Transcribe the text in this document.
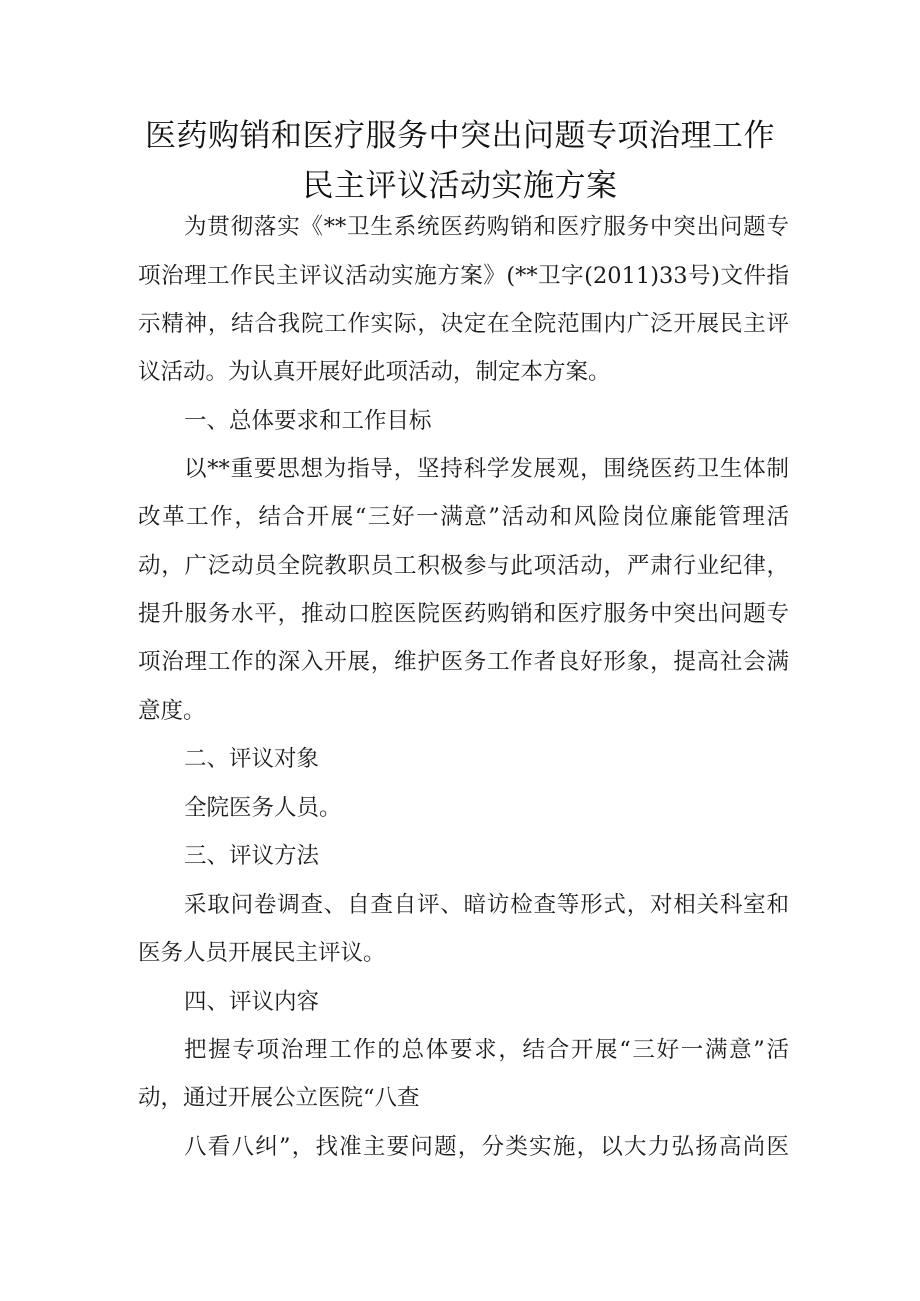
医药购销和医疗服务中突出问题专项治理工作
民主评议活动实施方案
为贯彻落实《**卫生系统医药购销和医疗服务中突出问题专
项治理工作民主评议活动实施方案》(**卫字(2011)33号)文件指
示精神，结合我院工作实际，决定在全院范围内广泛开展民主评
议活动。为认真开展好此项活动，制定本方案。
一、总体要求和工作目标
以**重要思想为指导，坚持科学发展观，围绕医药卫生体制
改革工作，结合开展“三好一满意”活动和风险岗位廉能管理活
动，广泛动员全院教职员工积极参与此项活动，严肃行业纪律，
提升服务水平，推动口腔医院医药购销和医疗服务中突出问题专
项治理工作的深入开展，维护医务工作者良好形象，提高社会满
意度。
二、评议对象
全院医务人员。
三、评议方法
采取问卷调查、自查自评、暗访检查等形式，对相关科室和
医务人员开展民主评议。
四、评议内容
把握专项治理工作的总体要求，结合开展“三好一满意”活
动，通过开展公立医院“八查
八看八纠”，找准主要问题，分类实施，以大力弘扬高尚医
